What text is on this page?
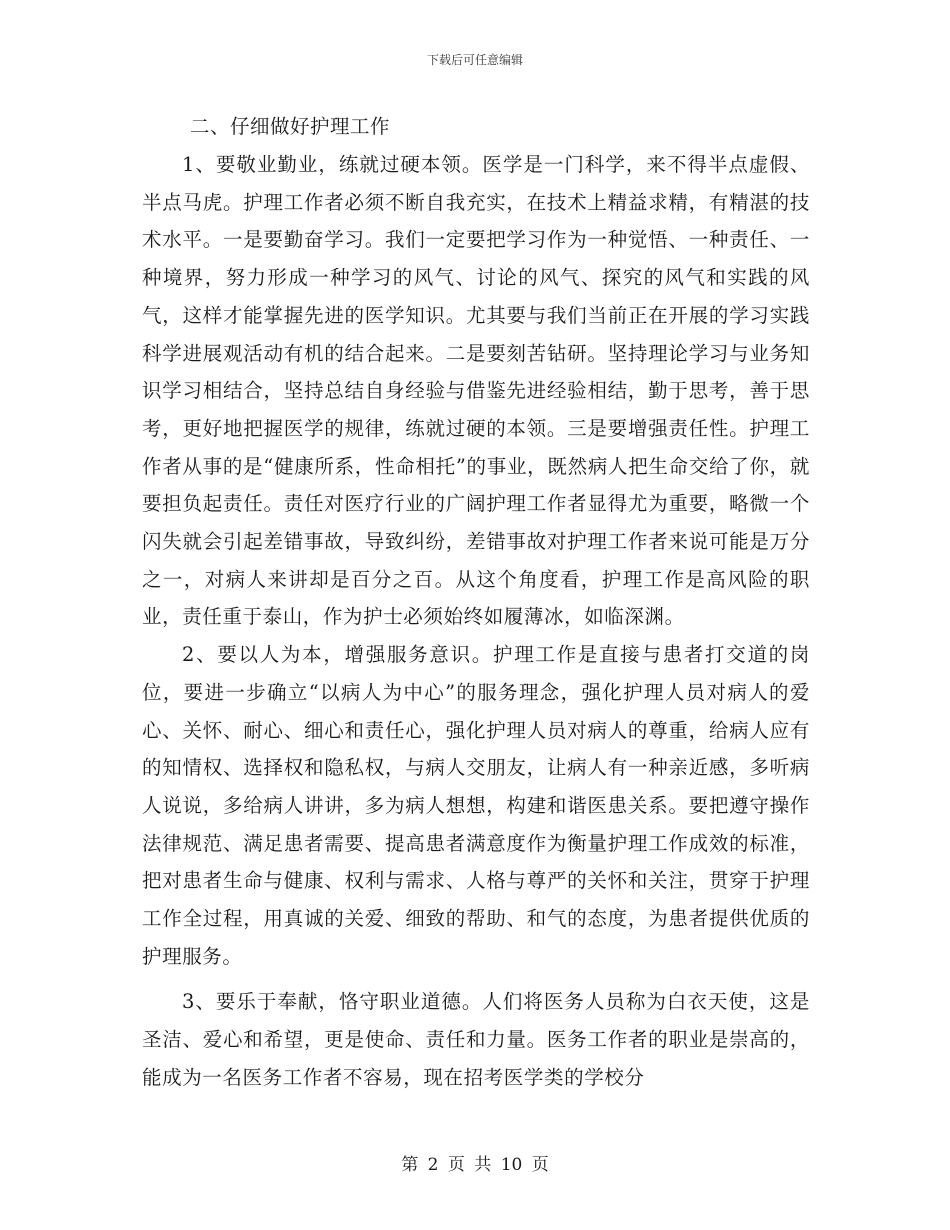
下载后可任意编辑

二、仔细做好护理工作

1、要敬业勤业，练就过硬本领。医学是一门科学，来不得半点虚假、半点马虎。护理工作者必须不断自我充实，在技术上精益求精，有精湛的技术水平。一是要勤奋学习。我们一定要把学习作为一种觉悟、一种责任、一种境界，努力形成一种学习的风气、讨论的风气、探究的风气和实践的风气，这样才能掌握先进的医学知识。尤其要与我们当前正在开展的学习实践科学进展观活动有机的结合起来。二是要刻苦钻研。坚持理论学习与业务知识学习相结合，坚持总结自身经验与借鉴先进经验相结，勤于思考，善于思考，更好地把握医学的规律，练就过硬的本领。三是要增强责任性。护理工作者从事的是“健康所系，性命相托”的事业，既然病人把生命交给了你，就要担负起责任。责任对医疗行业的广阔护理工作者显得尤为重要，略微一个闪失就会引起差错事故，导致纠纷，差错事故对护理工作者来说可能是万分之一，对病人来讲却是百分之百。从这个角度看，护理工作是高风险的职业，责任重于泰山，作为护士必须始终如履薄冰，如临深渊。

2、要以人为本，增强服务意识。护理工作是直接与患者打交道的岗位，要进一步确立“以病人为中心”的服务理念，强化护理人员对病人的爱心、关怀、耐心、细心和责任心，强化护理人员对病人的尊重，给病人应有的知情权、选择权和隐私权，与病人交朋友，让病人有一种亲近感，多听病人说说，多给病人讲讲，多为病人想想，构建和谐医患关系。要把遵守操作法律规范、满足患者需要、提高患者满意度作为衡量护理工作成效的标准，把对患者生命与健康、权利与需求、人格与尊严的关怀和关注，贯穿于护理工作全过程，用真诚的关爱、细致的帮助、和气的态度，为患者提供优质的护理服务。

3、要乐于奉献，恪守职业道德。人们将医务人员称为白衣天使，这是圣洁、爱心和希望，更是使命、责任和力量。医务工作者的职业是崇高的，能成为一名医务工作者不容易，现在招考医学类的学校分

第 2 页 共 10 页
